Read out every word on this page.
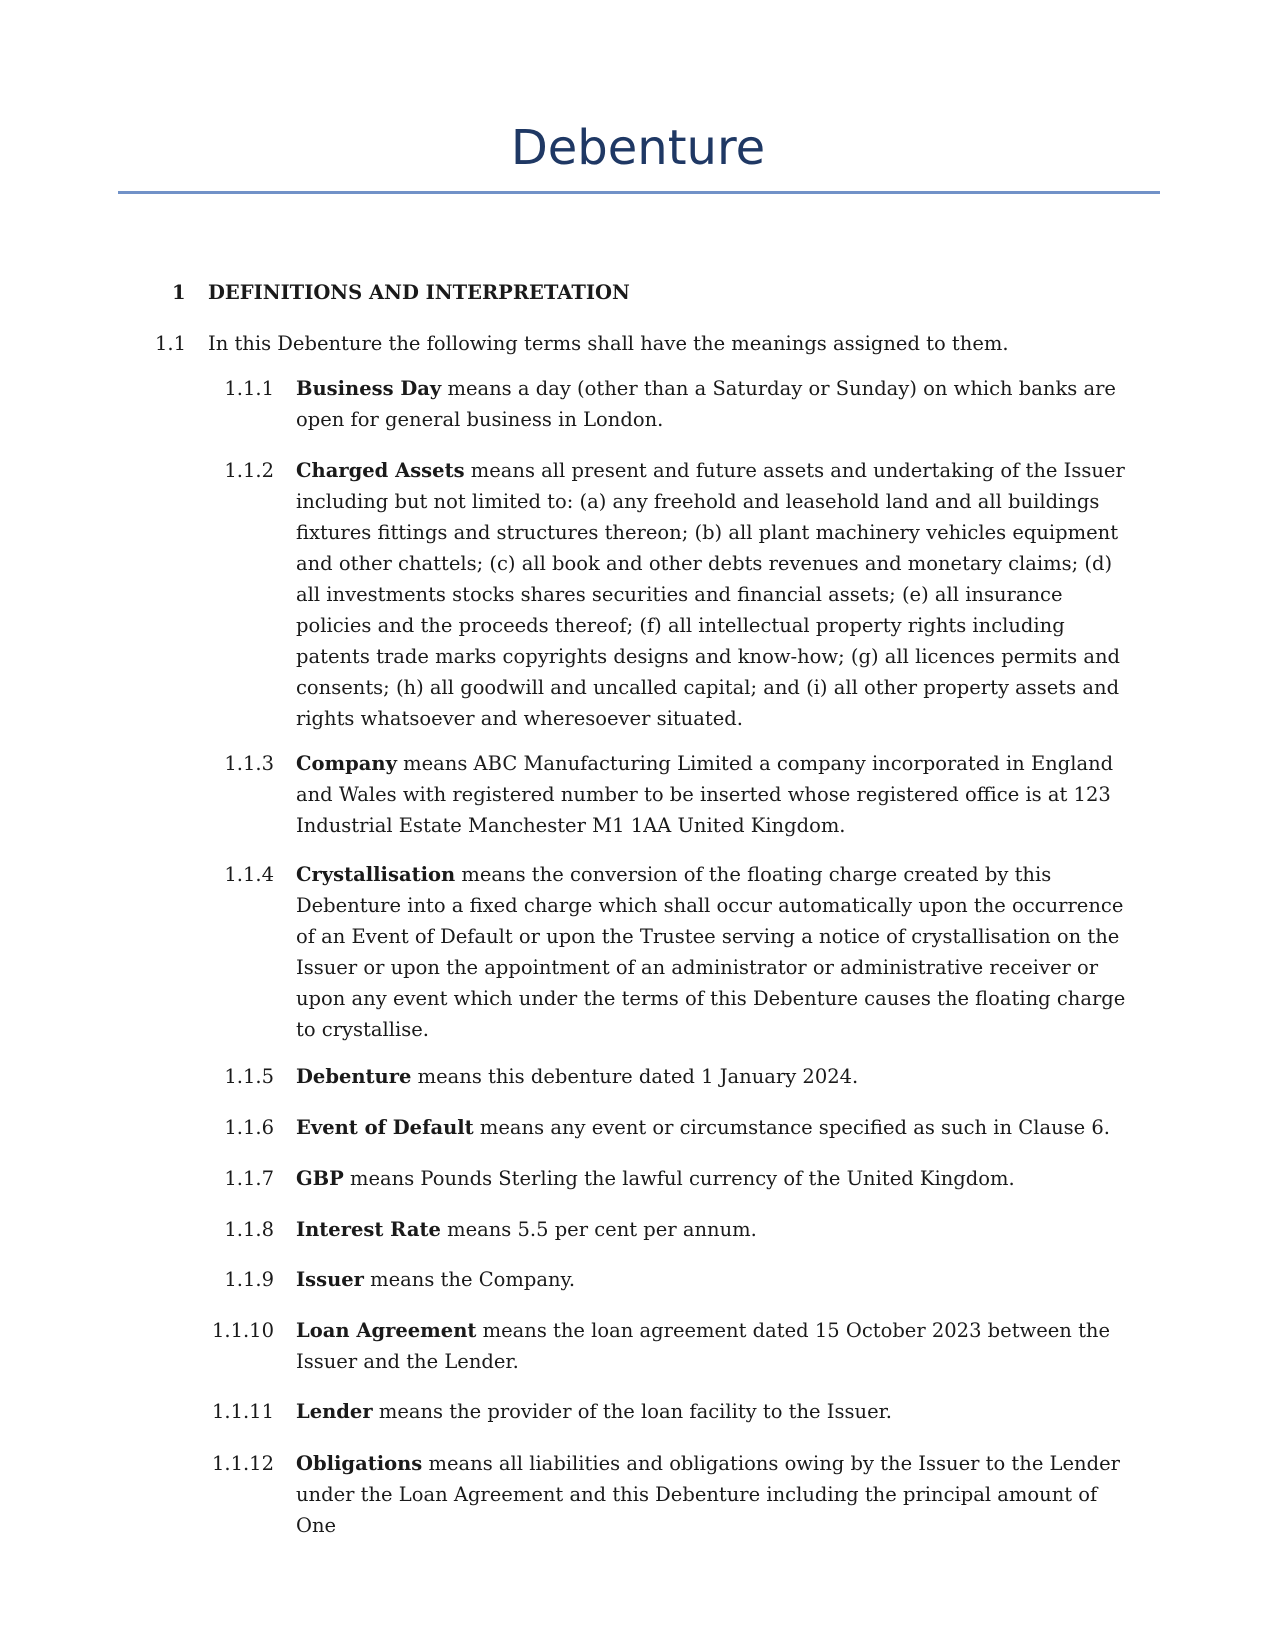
Debenture
1 DEFINITIONS AND INTERPRETATION
1.1 In this Debenture the following terms shall have the meanings assigned to them.
1.1.1 Business Day means a day (other than a Saturday or Sunday) on which banks are open for general business in London.
1.1.2 Charged Assets means all present and future assets and undertaking of the Issuer including but not limited to: (a) any freehold and leasehold land and all buildings fixtures fittings and structures thereon; (b) all plant machinery vehicles equipment and other chattels; (c) all book and other debts revenues and monetary claims; (d) all investments stocks shares securities and financial assets; (e) all insurance policies and the proceeds thereof; (f) all intellectual property rights including patents trade marks copyrights designs and know-how; (g) all licences permits and consents; (h) all goodwill and uncalled capital; and (i) all other property assets and rights whatsoever and wheresoever situated.
1.1.3 Company means ABC Manufacturing Limited a company incorporated in England and Wales with registered number to be inserted whose registered office is at 123 Industrial Estate Manchester M1 1AA United Kingdom.
1.1.4 Crystallisation means the conversion of the floating charge created by this Debenture into a fixed charge which shall occur automatically upon the occurrence of an Event of Default or upon the Trustee serving a notice of crystallisation on the Issuer or upon the appointment of an administrator or administrative receiver or upon any event which under the terms of this Debenture causes the floating charge to crystallise.
1.1.5 Debenture means this debenture dated 1 January 2024.
1.1.6 Event of Default means any event or circumstance specified as such in Clause 6.
1.1.7 GBP means Pounds Sterling the lawful currency of the United Kingdom.
1.1.8 Interest Rate means 5.5 per cent per annum.
1.1.9 Issuer means the Company.
1.1.10 Loan Agreement means the loan agreement dated 15 October 2023 between the Issuer and the Lender.
1.1.11 Lender means the provider of the loan facility to the Issuer.
1.1.12 Obligations means all liabilities and obligations owing by the Issuer to the Lender under the Loan Agreement and this Debenture including the principal amount of One
